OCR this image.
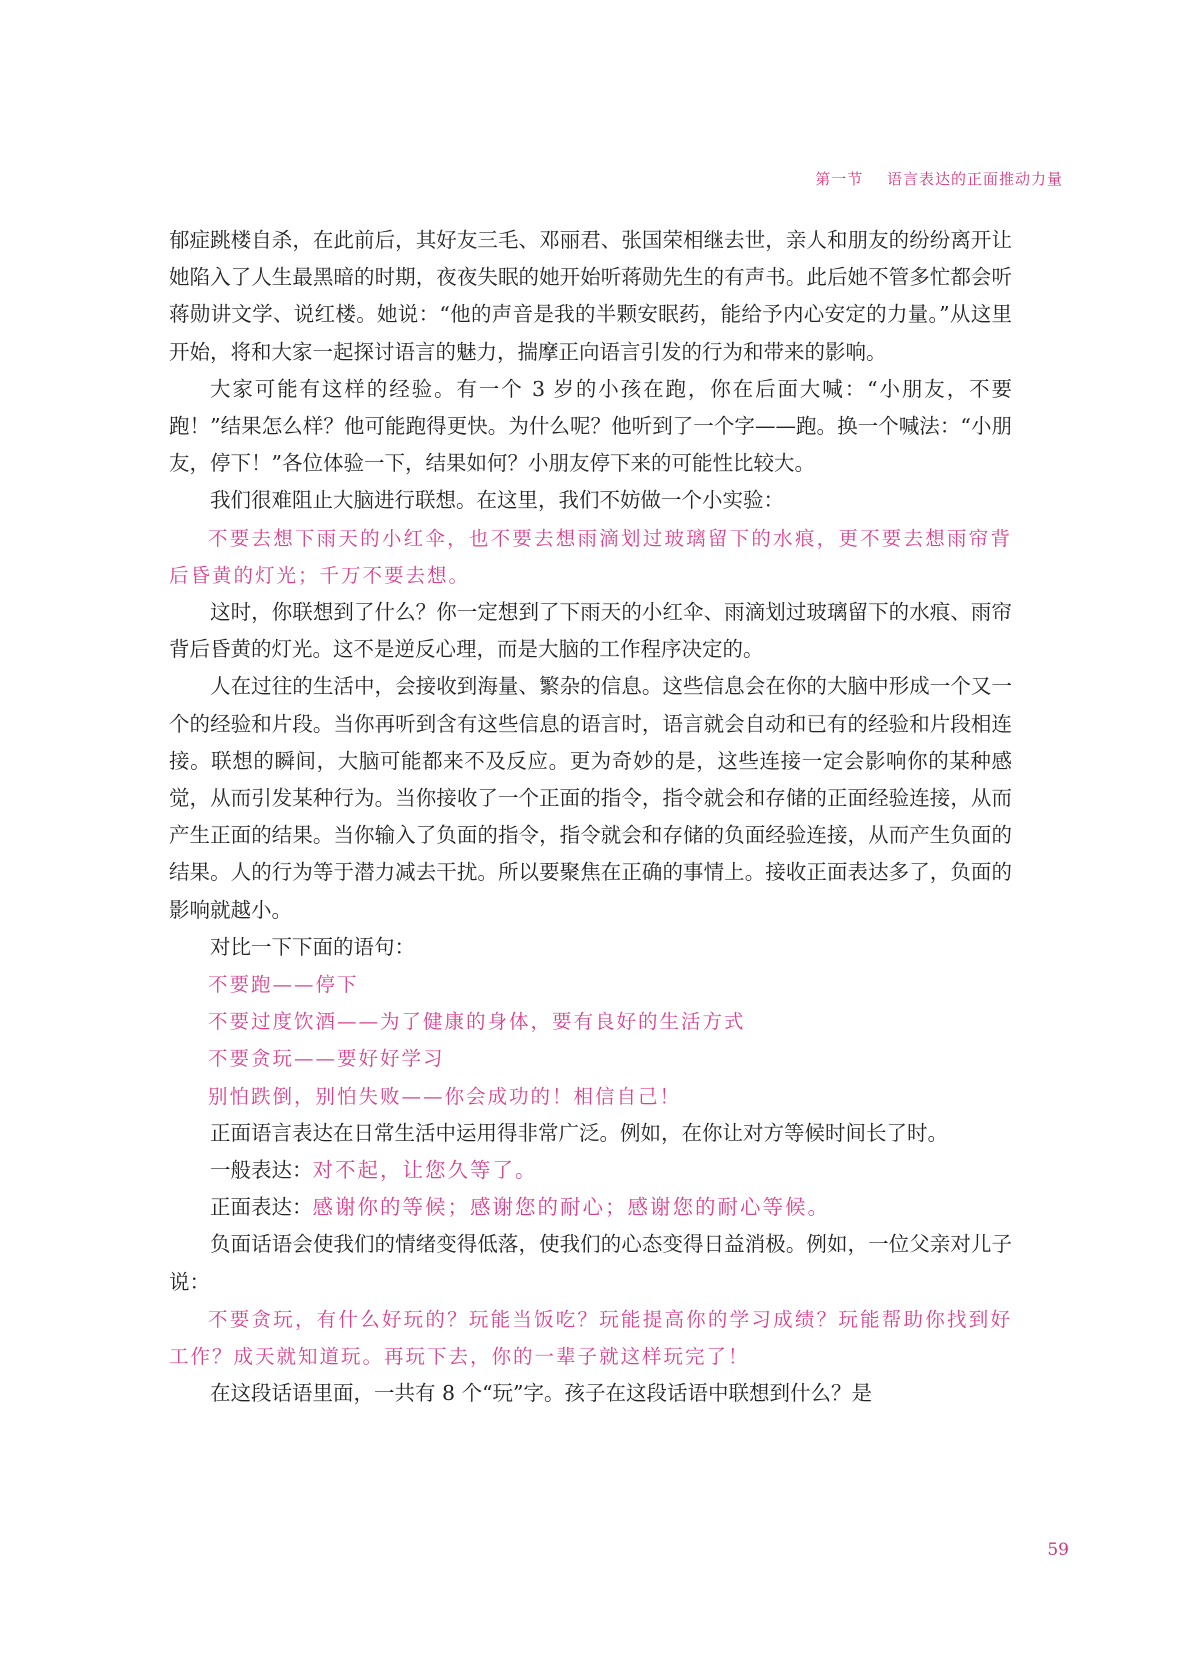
第一节 语言表达的正面推动力量

郁症跳楼自杀，在此前后，其好友三毛、邓丽君、张国荣相继去世，亲人和朋友的纷纷离开让她陷入了人生最黑暗的时期，夜夜失眠的她开始听蒋勋先生的有声书。此后她不管多忙都会听蒋勋讲文学、说红楼。她说：“他的声音是我的半颗安眠药，能给予内心安定的力量。”从这里开始，将和大家一起探讨语言的魅力，揣摩正向语言引发的行为和带来的影响。

大家可能有这样的经验。有一个 3 岁的小孩在跑，你在后面大喊：“小朋友，不要跑！”结果怎么样？他可能跑得更快。为什么呢？他听到了一个字——跑。换一个喊法：“小朋友，停下！”各位体验一下，结果如何？小朋友停下来的可能性比较大。

我们很难阻止大脑进行联想。在这里，我们不妨做一个小实验：

不要去想下雨天的小红伞，也不要去想雨滴划过玻璃留下的水痕，更不要去想雨帘背后昏黄的灯光；千万不要去想。

这时，你联想到了什么？你一定想到了下雨天的小红伞、雨滴划过玻璃留下的水痕、雨帘背后昏黄的灯光。这不是逆反心理，而是大脑的工作程序决定的。

人在过往的生活中，会接收到海量、繁杂的信息。这些信息会在你的大脑中形成一个又一个的经验和片段。当你再听到含有这些信息的语言时，语言就会自动和已有的经验和片段相连接。联想的瞬间，大脑可能都来不及反应。更为奇妙的是，这些连接一定会影响你的某种感觉，从而引发某种行为。当你接收了一个正面的指令，指令就会和存储的正面经验连接，从而产生正面的结果。当你输入了负面的指令，指令就会和存储的负面经验连接，从而产生负面的结果。人的行为等于潜力减去干扰。所以要聚焦在正确的事情上。接收正面表达多了，负面的影响就越小。

对比一下下面的语句：

不要跑——停下

不要过度饮酒——为了健康的身体，要有良好的生活方式

不要贪玩——要好好学习

别怕跌倒，别怕失败——你会成功的！相信自己！

正面语言表达在日常生活中运用得非常广泛。例如，在你让对方等候时间长了时。

一般表达：对不起，让您久等了。

正面表达：感谢你的等候；感谢您的耐心；感谢您的耐心等候。

负面话语会使我们的情绪变得低落，使我们的心态变得日益消极。例如，一位父亲对儿子说：

不要贪玩，有什么好玩的？玩能当饭吃？玩能提高你的学习成绩？玩能帮助你找到好工作？成天就知道玩。再玩下去，你的一辈子就这样玩完了！

在这段话语里面，一共有 8 个“玩”字。孩子在这段话语中联想到什么？是

59
